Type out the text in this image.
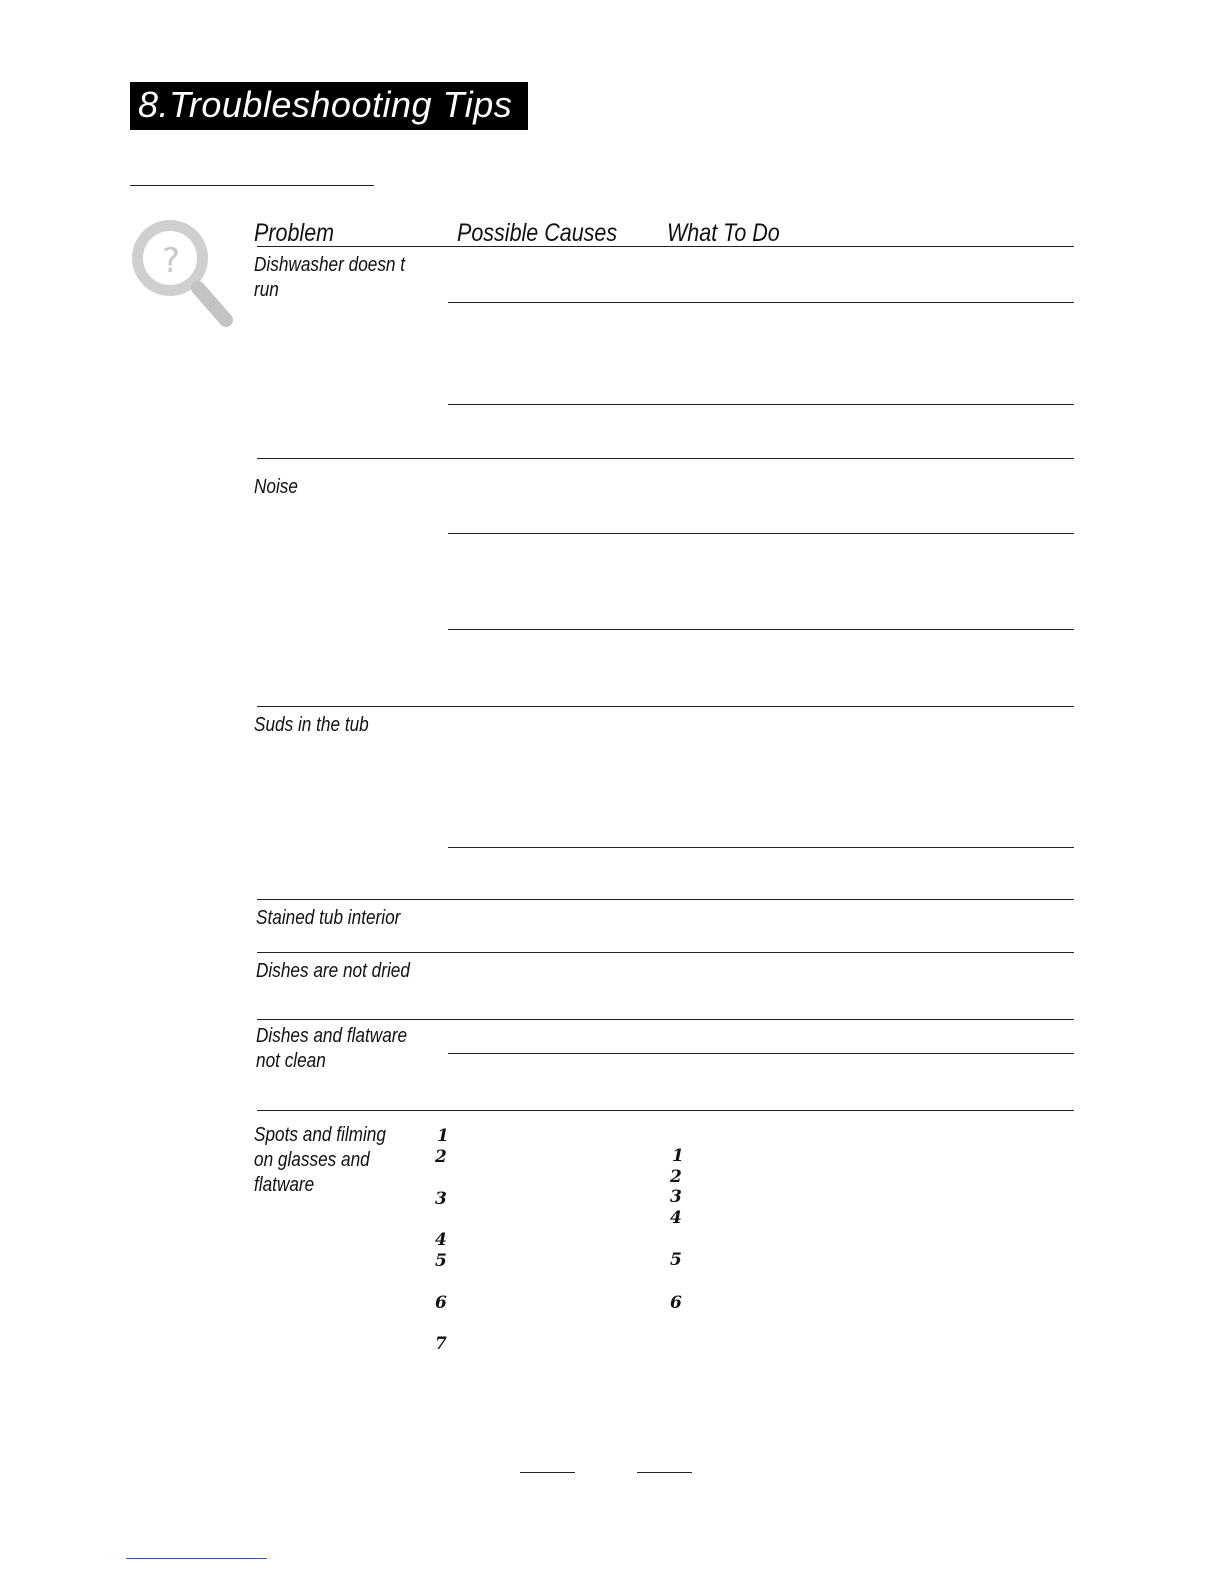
8.Troubleshooting Tips
?
Problem	Possible Causes What To Do
Dishwasher doesn t
run
Noise
Suds in the tub
Stained tub interior
Dishes are not dried
Dishes and flatware
not clean
Spots and filming
on glasses and
flatware
1
2
3
4
5
6
7
1
2
3
4
5
6
